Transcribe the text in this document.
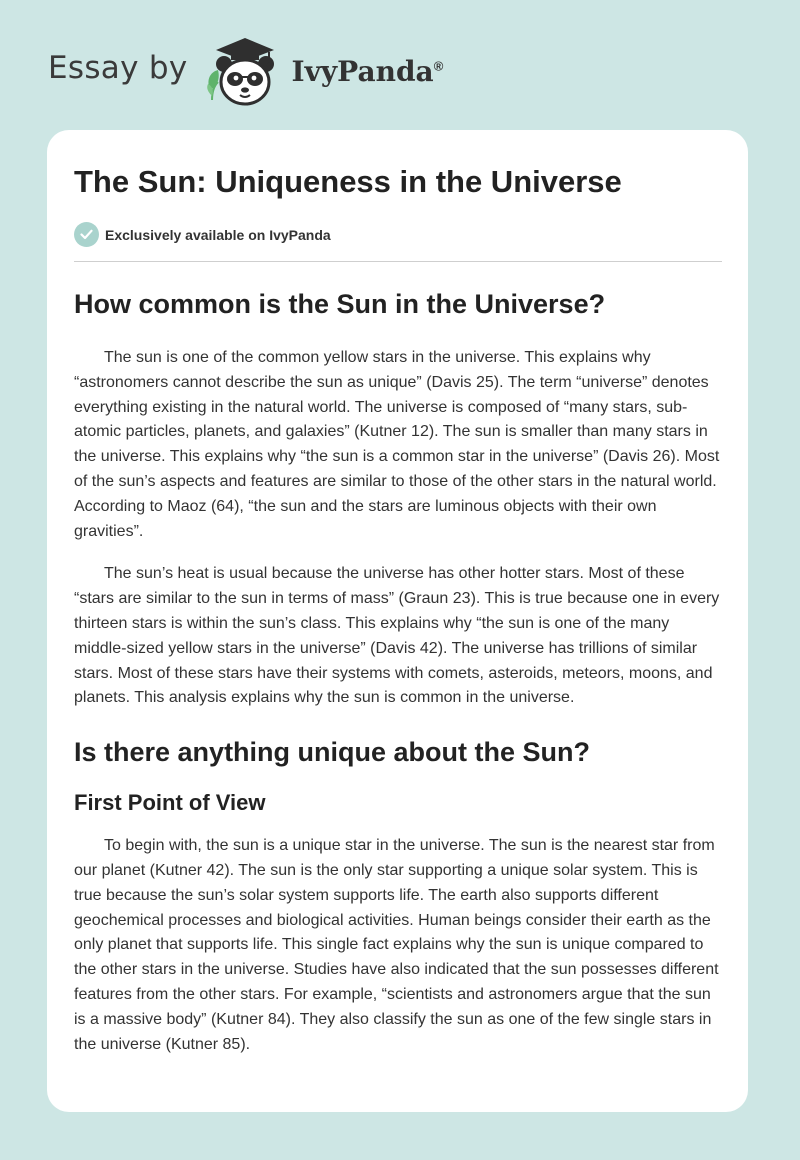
Essay by	IvyPanda®
The Sun: Uniqueness in the Universe
Exclusively available on IvyPanda
How common is the Sun in the Universe?

The sun is one of the common yellow stars in the universe. This explains why “astronomers cannot describe the sun as unique” (Davis 25). The term “universe” denotes everything existing in the natural world. The universe is composed of “many stars, sub-atomic particles, planets, and galaxies” (Kutner 12). The sun is smaller than many stars in the universe. This explains why “the sun is a common star in the universe” (Davis 26). Most of the sun’s aspects and features are similar to those of the other stars in the natural world. According to Maoz (64), “the sun and the stars are luminous objects with their own gravities”.

The sun’s heat is usual because the universe has other hotter stars. Most of these “stars are similar to the sun in terms of mass” (Graun 23). This is true because one in every thirteen stars is within the sun’s class. This explains why “the sun is one of the many middle-sized yellow stars in the universe” (Davis 42). The universe has trillions of similar stars. Most of these stars have their systems with comets, asteroids, meteors, moons, and planets. This analysis explains why the sun is common in the universe.

Is there anything unique about the Sun?
First Point of View

To begin with, the sun is a unique star in the universe. The sun is the nearest star from our planet (Kutner 42). The sun is the only star supporting a unique solar system. This is true because the sun’s solar system supports life. The earth also supports different geochemical processes and biological activities. Human beings consider their earth as the only planet that supports life. This single fact explains why the sun is unique compared to the other stars in the universe. Studies have also indicated that the sun possesses different features from the other stars. For example, “scientists and astronomers argue that the sun is a massive body” (Kutner 84). They also classify the sun as one of the few single stars in the universe (Kutner 85).
